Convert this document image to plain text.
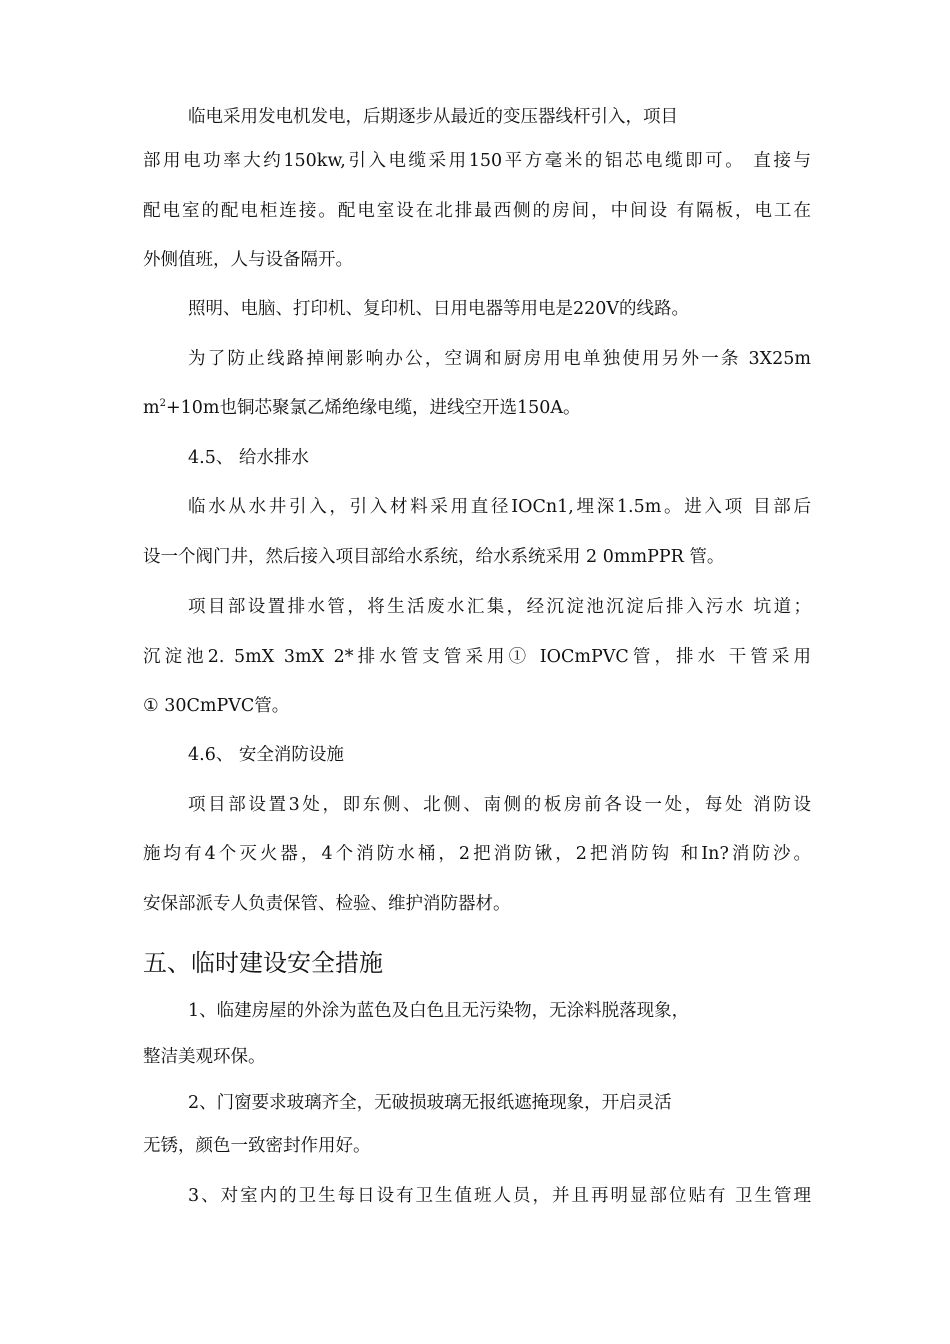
临电采用发电机发电，后期逐步从最近的变压器线杆引入，项目
部用电功率大约150kw,引入电缆采用150平方毫米的铝芯电缆即可。 直接与
配电室的配电柜连接。配电室设在北排最西侧的房间，中间设 有隔板，电工在
外侧值班，人与设备隔开。
照明、电脑、打印机、复印机、日用电器等用电是220V的线路。
为了防止线路掉闸影响办公，空调和厨房用电单独使用另外一条 3X25m
$m^2+10m$也铜芯聚氯乙烯绝缘电缆，进线空开选150A。
4.5、 给水排水
临水从水井引入，引入材料采用直径IOCn1,埋深1.5m。进入项 目部后
设一个阀门井，然后接入项目部给水系统，给水系统采用 2 0mmPPR 管。
项目部设置排水管，将生活废水汇集，经沉淀池沉淀后排入污水 坑道；
沉淀池2. 5mX 3mX 2*排水管支管采用① IOCmPVC管，排水 干管采用
① 30CmPVC管。
4.6、 安全消防设施
项目部设置3处，即东侧、北侧、南侧的板房前各设一处，每处 消防设
施均有4个灭火器，4个消防水桶，2把消防锹，2把消防钩 和In?消防沙。
安保部派专人负责保管、检验、维护消防器材。
五、临时建设安全措施
1、临建房屋的外涂为蓝色及白色且无污染物，无涂料脱落现象，
整洁美观环保。
2、门窗要求玻璃齐全，无破损玻璃无报纸遮掩现象，开启灵活
无锈，颜色一致密封作用好。
3、对室内的卫生每日设有卫生值班人员，并且再明显部位贴有 卫生管理
